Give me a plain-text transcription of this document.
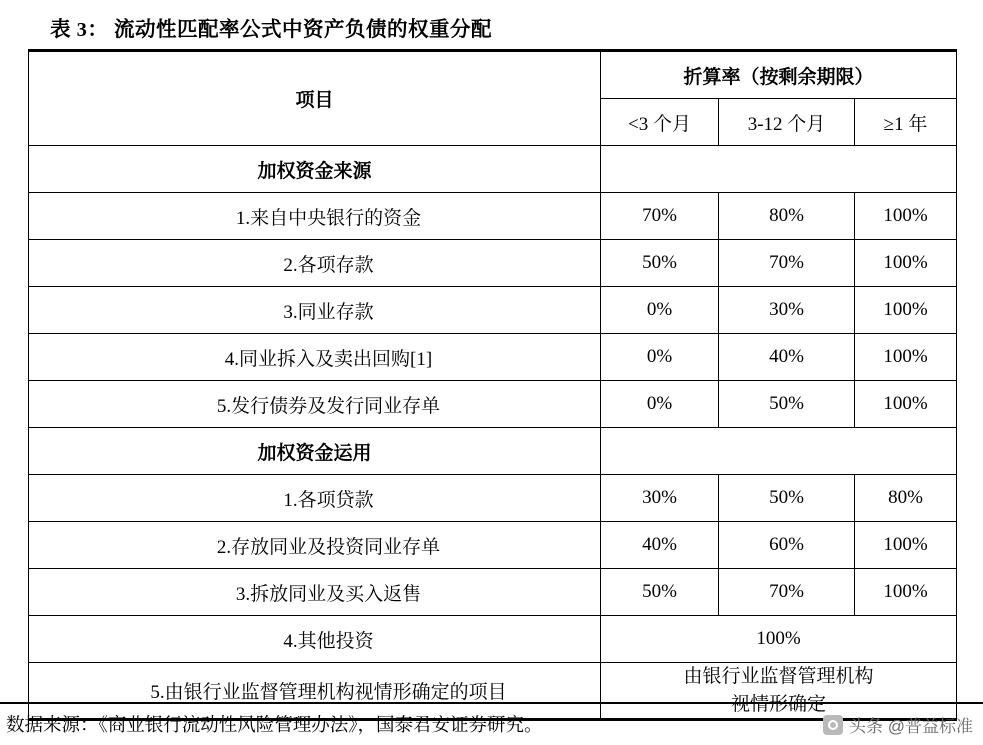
表 3： 流动性匹配率公式中资产负债的权重分配
项目	折算率（按剩余期限）		
	<3 个月	3-12 个月	≥1 年
加权资金来源			
1.来自中央银行的资金	70%	80%	100%
2.各项存款	50%	70%	100%
3.同业存款	0%	30%	100%
4.同业拆入及卖出回购[1]	0%	40%	100%
5.发行债券及发行同业存单	0%	50%	100%
加权资金运用			
1.各项贷款	30%	50%	80%
2.存放同业及投资同业存单	40%	60%	100%
3.拆放同业及买入返售	50%	70%	100%
4.其他投资	100%		
5.由银行业监督管理机构视情形确定的项目	由银行业监督管理机构
视情形确定		
数据来源：《商业银行流动性风险管理办法》，国泰君安证券研究。	头条 @普益标准
